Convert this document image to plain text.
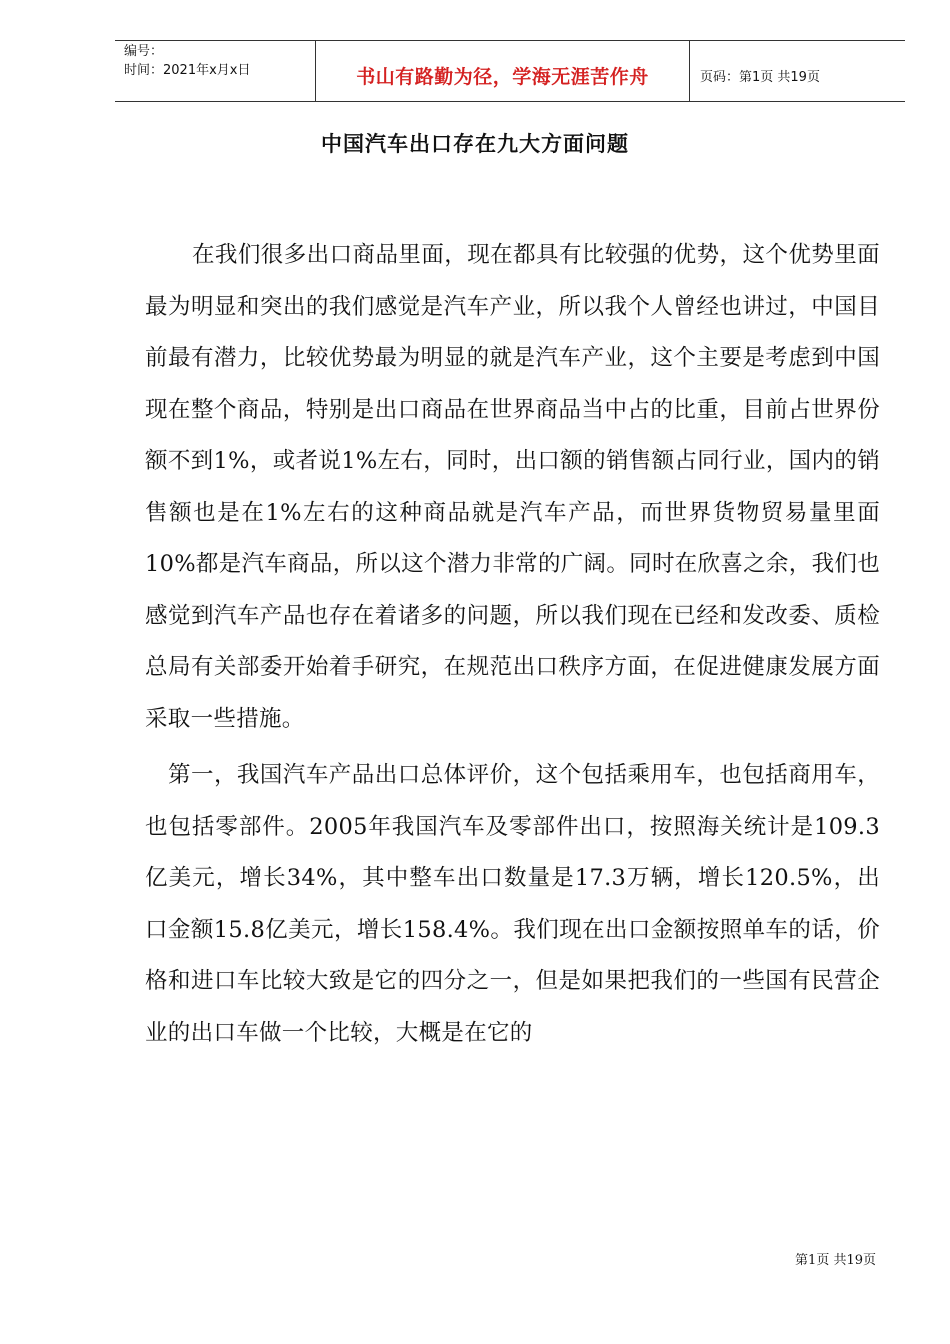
编号：
时间：2021年x月x日	书山有路勤为径，学海无涯苦作舟	页码：第1页 共19页
中国汽车出口存在九大方面问题

在我们很多出口商品里面，现在都具有比较强的优势，这个优势里面最为明显和突出的我们感觉是汽车产业，所以我个人曾经也讲过，中国目前最有潜力，比较优势最为明显的就是汽车产业，这个主要是考虑到中国现在整个商品，特别是出口商品在世界商品当中占的比重，目前占世界份额不到1%，或者说1%左右，同时，出口额的销售额占同行业，国内的销售额也是在1%左右的这种商品就是汽车产品，而世界货物贸易量里面10%都是汽车商品，所以这个潜力非常的广阔。同时在欣喜之余，我们也感觉到汽车产品也存在着诸多的问题，所以我们现在已经和发改委、质检总局有关部委开始着手研究，在规范出口秩序方面，在促进健康发展方面采取一些措施。

第一，我国汽车产品出口总体评价，这个包括乘用车，也包括商用车，也包括零部件。2005年我国汽车及零部件出口，按照海关统计是109.3亿美元，增长34%，其中整车出口数量是17.3万辆，增长120.5%，出口金额15.8亿美元，增长158.4%。我们现在出口金额按照单车的话，价格和进口车比较大致是它的四分之一，但是如果把我们的一些国有民营企业的出口车做一个比较，大概是在它的

第1页 共19页
